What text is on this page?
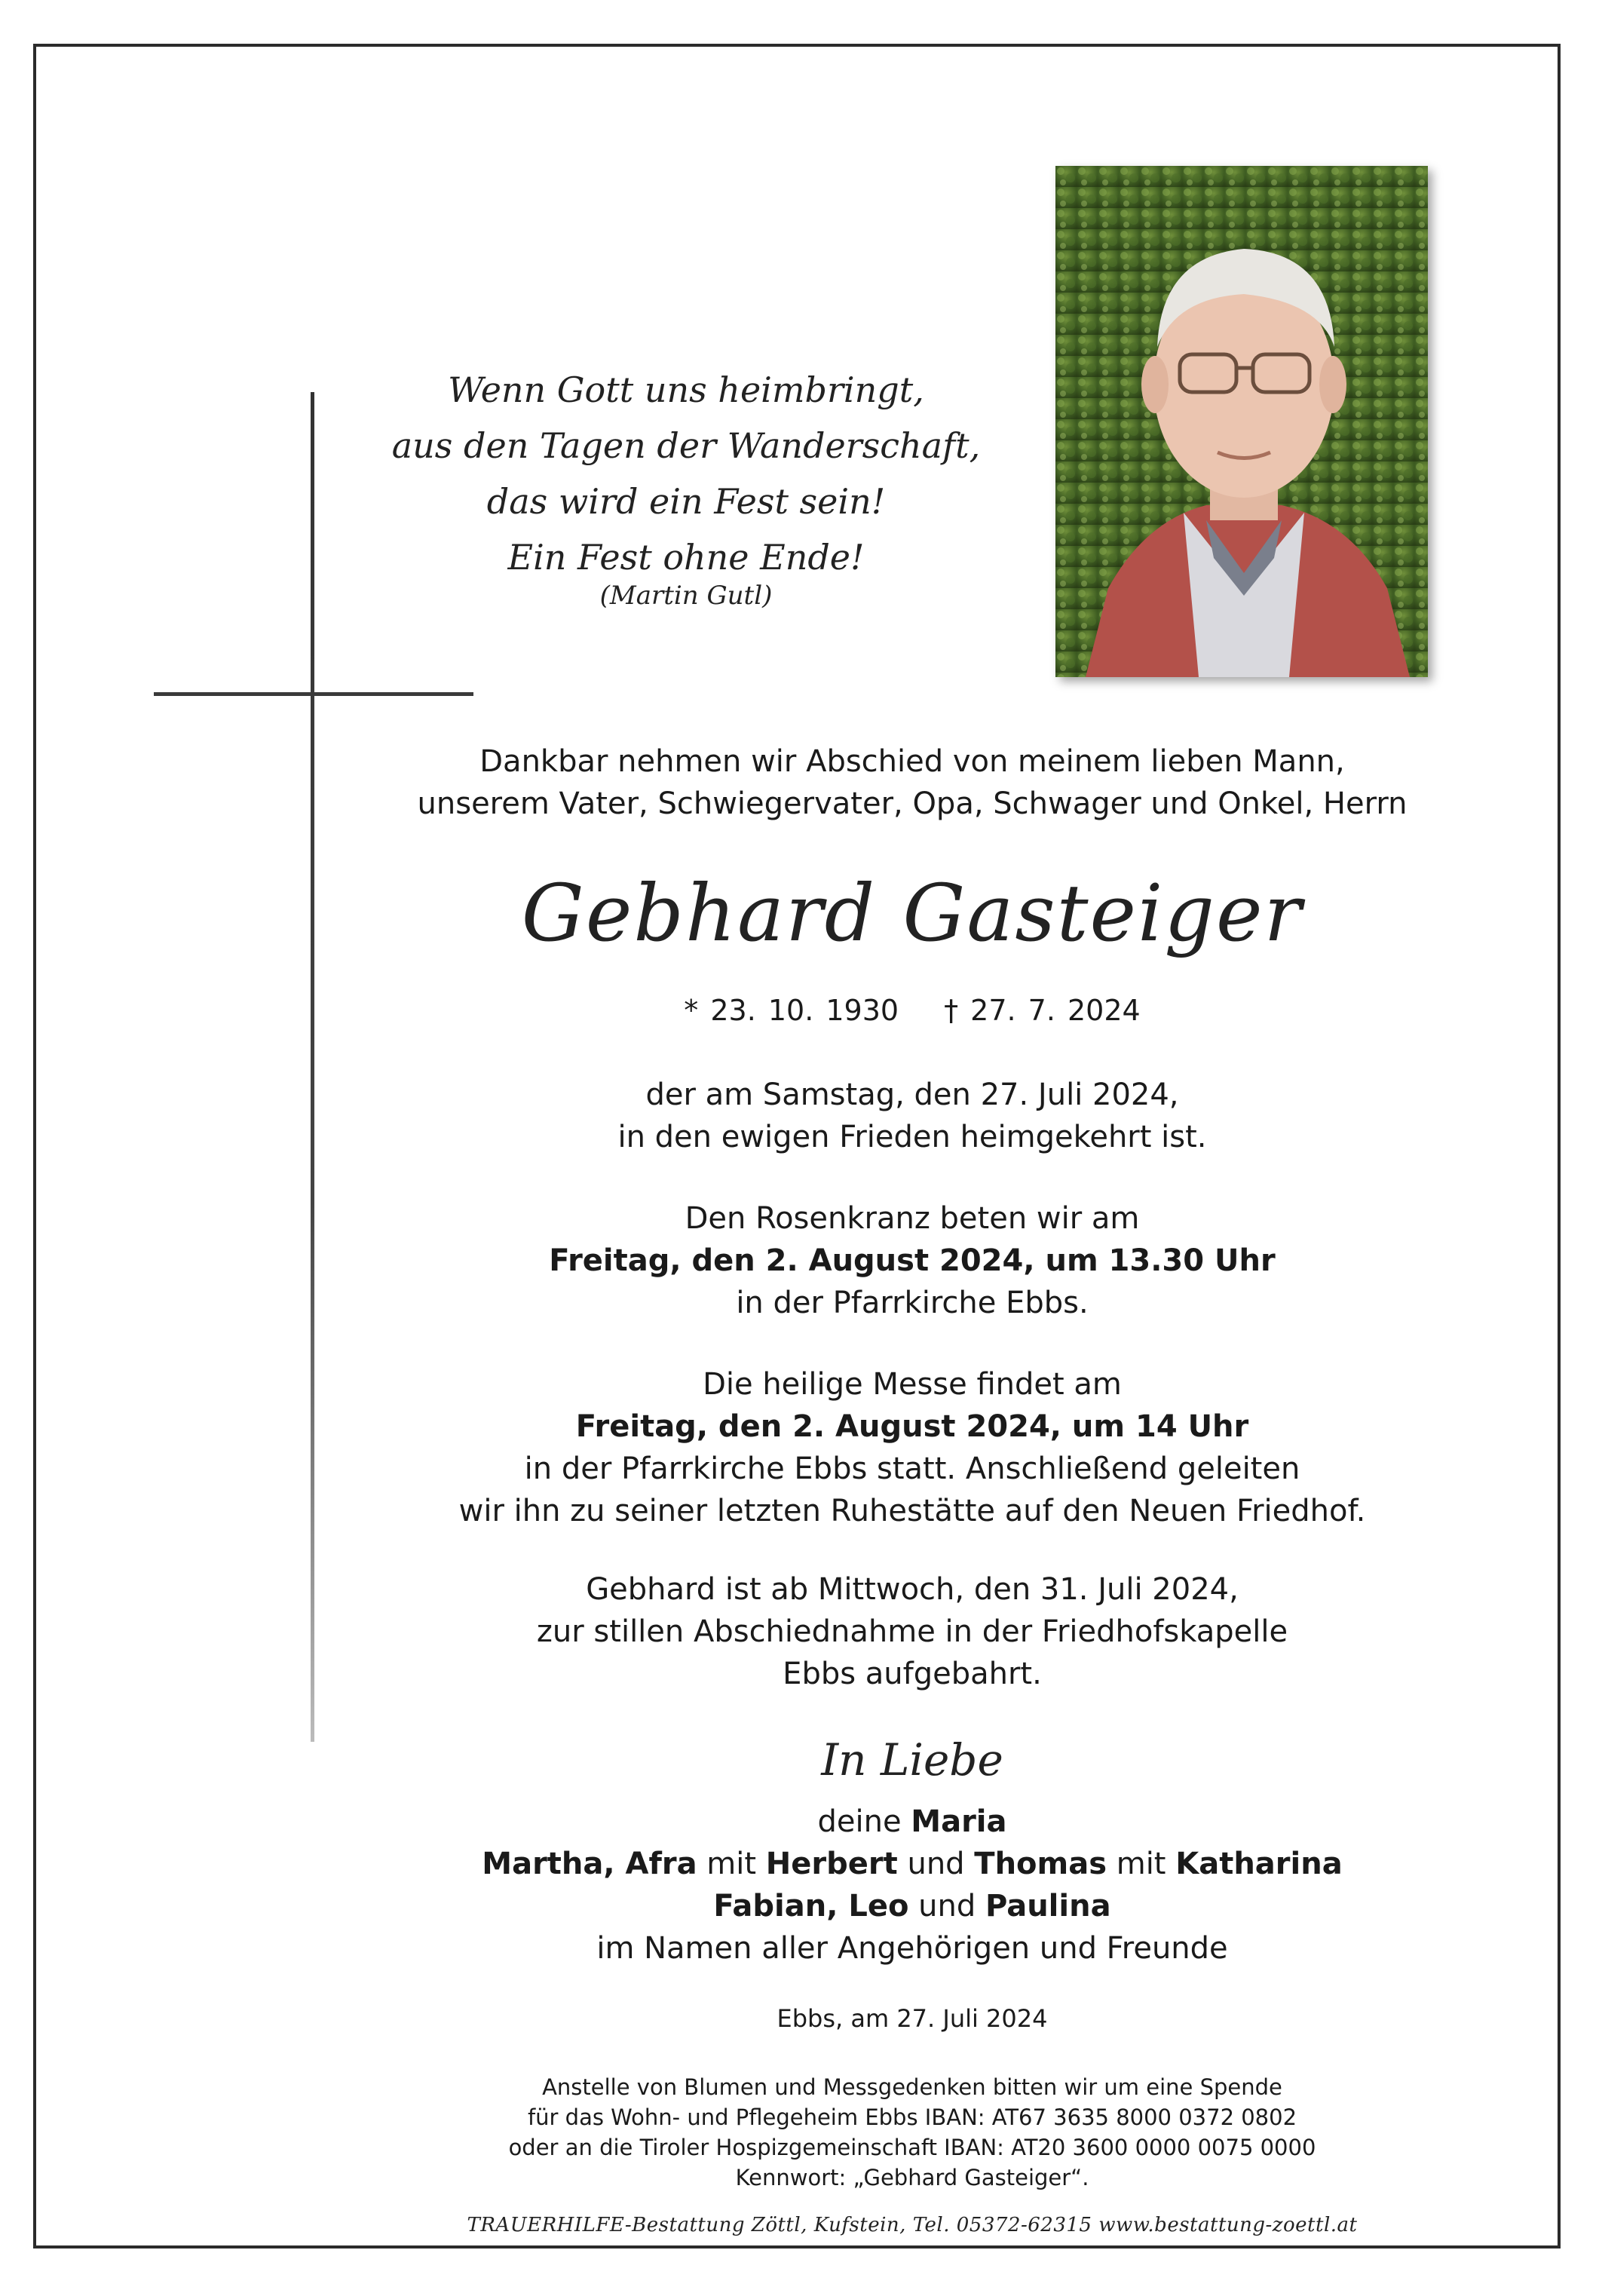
Wenn Gott uns heimbringt,
aus den Tagen der Wanderschaft,
das wird ein Fest sein!
Ein Fest ohne Ende!
(Martin Gutl)
Dankbar nehmen wir Abschied von meinem lieben Mann,
unserem Vater, Schwiegervater, Opa, Schwager und Onkel, Herrn
Gebhard Gasteiger
* 23. 10. 1930 † 27. 7. 2024
der am Samstag, den 27. Juli 2024,
in den ewigen Frieden heimgekehrt ist.
Den Rosenkranz beten wir am
Freitag, den 2. August 2024, um 13.30 Uhr
in der Pfarrkirche Ebbs.
Die heilige Messe findet am
Freitag, den 2. August 2024, um 14 Uhr
in der Pfarrkirche Ebbs statt. Anschließend geleiten
wir ihn zu seiner letzten Ruhestätte auf den Neuen Friedhof.
Gebhard ist ab Mittwoch, den 31. Juli 2024,
zur stillen Abschiednahme in der Friedhofskapelle
Ebbs aufgebahrt.
In Liebe
deine Maria
Martha, Afra mit Herbert und Thomas mit Katharina
Fabian, Leo und Paulina
im Namen aller Angehörigen und Freunde
Ebbs, am 27. Juli 2024
Anstelle von Blumen und Messgedenken bitten wir um eine Spende
für das Wohn- und Pflegeheim Ebbs IBAN: AT67 3635 8000 0372 0802
oder an die Tiroler Hospizgemeinschaft IBAN: AT20 3600 0000 0075 0000
Kennwort: „Gebhard Gasteiger“.
TRAUERHILFE-Bestattung Zöttl, Kufstein, Tel. 05372-62315 www.bestattung-zoettl.at
